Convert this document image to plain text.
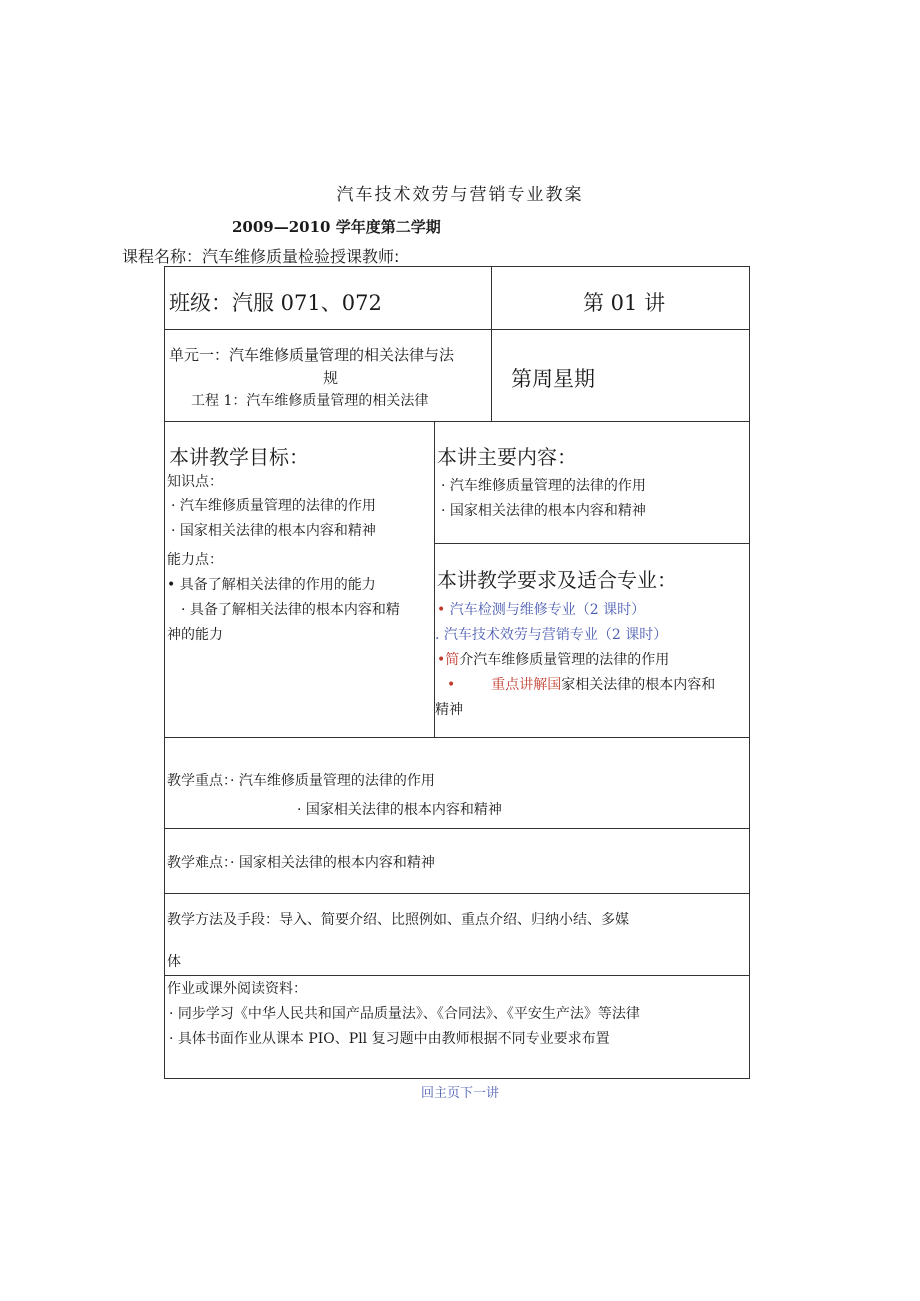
汽车技术效劳与营销专业教案
2009—2010 学年度第二学期
课程名称：汽车维修质量检验授课教师:
班级：汽服 071、072	第 01 讲
单元一：汽车维修质量管理的相关法律与法
规
工程 1：汽车维修质量管理的相关法律
第周星期
本讲教学目标：
知识点：
· 汽车维修质量管理的法律的作用
· 国家相关法律的根本内容和精神
能力点：
• 具备了解相关法律的作用的能力
· 具备了解相关法律的根本内容和精
神的能力
本讲主要内容：
· 汽车维修质量管理的法律的作用
· 国家相关法律的根本内容和精神
本讲教学要求及适合专业：
• 汽车检测与维修专业（2 课时）
. 汽车技术效劳与营销专业（2 课时）
•简介汽车维修质量管理的法律的作用
•	重点讲解国家相关法律的根本内容和
精神
教学重点：· 汽车维修质量管理的法律的作用
· 国家相关法律的根本内容和精神
教学难点：· 国家相关法律的根本内容和精神
教学方法及手段：导入、简要介绍、比照例如、重点介绍、归纳小结、多媒
体
作业或课外阅读资料：
· 同步学习《中华人民共和国产品质量法》、《合同法》、《平安生产法》等法律
· 具体书面作业从课本 PIO、Pll 复习题中由教师根据不同专业要求布置
回主页下一讲
